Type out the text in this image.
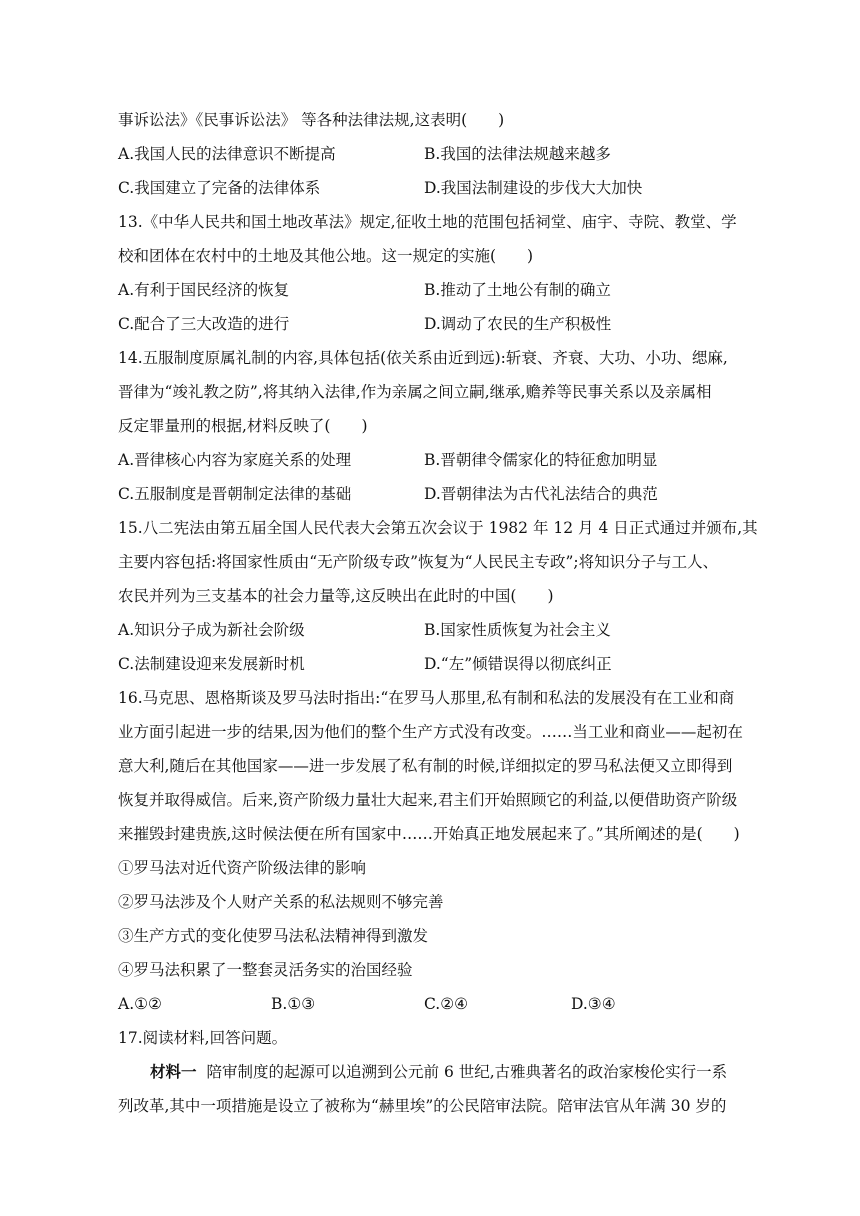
事诉讼法》《民事诉讼法》 等各种法律法规,这表明(　　)
A.我国人民的法律意识不断提高	B.我国的法律法规越来越多
C.我国建立了完备的法律体系	D.我国法制建设的步伐大大加快
13.《中华人民共和国土地改革法》规定,征收土地的范围包括祠堂、庙宇、寺院、教堂、学
校和团体在农村中的土地及其他公地。这一规定的实施(　　)
A.有利于国民经济的恢复	B.推动了土地公有制的确立
C.配合了三大改造的进行	D.调动了农民的生产积极性
14.五服制度原属礼制的内容,具体包括(依关系由近到远):斩衰、齐衰、大功、小功、缌麻,
晋律为“竣礼教之防”,将其纳入法律,作为亲属之间立嗣,继承,赡养等民事关系以及亲属相
反定罪量刑的根据,材料反映了(　　)
A.晋律核心内容为家庭关系的处理	B.晋朝律令儒家化的特征愈加明显
C.五服制度是晋朝制定法律的基础	D.晋朝律法为古代礼法结合的典范
15.八二宪法由第五届全国人民代表大会第五次会议于 1982 年 12 月 4 日正式通过并颁布,其
主要内容包括:将国家性质由“无产阶级专政”恢复为“人民民主专政”;将知识分子与工人、
农民并列为三支基本的社会力量等,这反映出在此时的中国(　　)
A.知识分子成为新社会阶级	B.国家性质恢复为社会主义
C.法制建设迎来发展新时机	D.“左”倾错误得以彻底纠正
16.马克思、恩格斯谈及罗马法时指出:“在罗马人那里,私有制和私法的发展没有在工业和商
业方面引起进一步的结果,因为他们的整个生产方式没有改变。……当工业和商业——起初在
意大利,随后在其他国家——进一步发展了私有制的时候,详细拟定的罗马私法便又立即得到
恢复并取得威信。后来,资产阶级力量壮大起来,君主们开始照顾它的利益,以便借助资产阶级
来摧毁封建贵族,这时候法便在所有国家中……开始真正地发展起来了。”其所阐述的是(　　)
①罗马法对近代资产阶级法律的影响
②罗马法涉及个人财产关系的私法规则不够完善
③生产方式的变化使罗马法私法精神得到激发
④罗马法积累了一整套灵活务实的治国经验
A.①②	B.①③	C.②④	D.③④
17.阅读材料,回答问题。
材料一 陪审制度的起源可以追溯到公元前 6 世纪,古雅典著名的政治家梭伦实行一系
列改革,其中一项措施是设立了被称为“赫里埃”的公民陪审法院。陪审法官从年满 30 岁的
